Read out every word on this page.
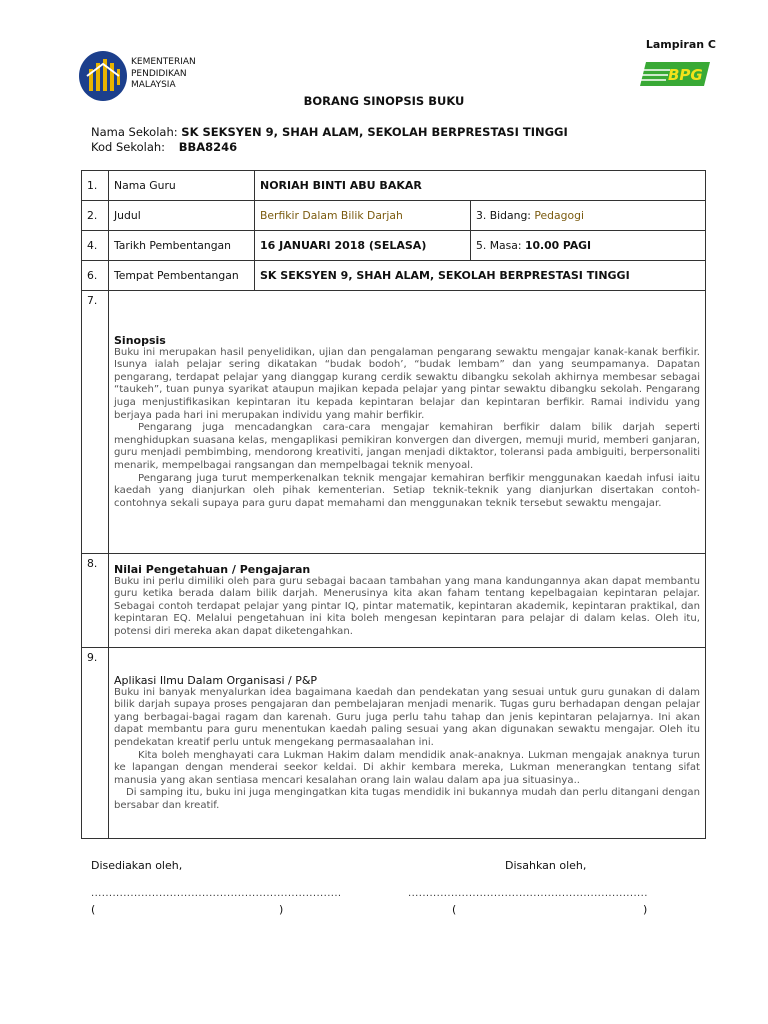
Lampiran C
KEMENTERIAN
PENDIDIKAN
MALAYSIA
BPG
BORANG SINOPSIS BUKU
Nama Sekolah: SK SEKSYEN 9, SHAH ALAM, SEKOLAH BERPRESTASI TINGGI
Kod Sekolah: BBA8246
1.	Nama Guru	NORIAH BINTI ABU BAKAR	
2.	Judul	Berfikir Dalam Bilik Darjah	3. Bidang: Pedagogi
4.	Tarikh Pembentangan	16 JANUARI 2018 (SELASA)	5. Masa: 10.00 PAGI
6.	Tempat Pembentangan	SK SEKSYEN 9, SHAH ALAM, SEKOLAH BERPRESTASI TINGGI	
7.	Sinopsis

Buku ini merupakan hasil penyelidikan, ujian dan pengalaman pengarang sewaktu mengajar kanak-kanak berfikir. Isunya ialah pelajar sering dikatakan “budak bodoh’, “budak lembam” dan yang seumpamanya. Dapatan pengarang, terdapat pelajar yang dianggap kurang cerdik sewaktu dibangku sekolah akhirnya membesar sebagai “taukeh”, tuan punya syarikat ataupun majikan kepada pelajar yang pintar sewaktu dibangku sekolah. Pengarang juga menjustifikasikan kepintaran itu kepada kepintaran belajar dan kepintaran berfikir. Ramai individu yang berjaya pada hari ini merupakan individu yang mahir berfikir.

Pengarang juga mencadangkan cara-cara mengajar kemahiran berfikir dalam bilik darjah seperti menghidupkan suasana kelas, mengaplikasi pemikiran konvergen dan divergen, memuji murid, memberi ganjaran, guru menjadi pembimbing, mendorong kreativiti, jangan menjadi diktaktor, toleransi pada ambiguiti, berpersonaliti menarik, mempelbagai rangsangan dan mempelbagai teknik menyoal.

Pengarang juga turut memperkenalkan teknik mengajar kemahiran berfikir menggunakan kaedah infusi iaitu kaedah yang dianjurkan oleh pihak kementerian. Setiap teknik-teknik yang dianjurkan disertakan contoh-contohnya sekali supaya para guru dapat memahami dan menggunakan teknik tersebut sewaktu mengajar.		

8.	Nilai Pengetahuan / Pengajaran

Buku ini perlu dimiliki oleh para guru sebagai bacaan tambahan yang mana kandungannya akan dapat membantu guru ketika berada dalam bilik darjah. Menerusinya kita akan faham tentang kepelbagaian kepintaran pelajar. Sebagai contoh terdapat pelajar yang pintar IQ, pintar matematik, kepintaran akademik, kepintaran praktikal, dan kepintaran EQ. Melalui pengetahuan ini kita boleh mengesan kepintaran para pelajar di dalam kelas. Oleh itu, potensi diri mereka akan dapat diketengahkan.		

9.	Aplikasi Ilmu Dalam Organisasi / P&P

Buku ini banyak menyalurkan idea bagaimana kaedah dan pendekatan yang sesuai untuk guru gunakan di dalam bilik darjah supaya proses pengajaran dan pembelajaran menjadi menarik. Tugas guru berhadapan dengan pelajar yang berbagai-bagai ragam dan karenah. Guru juga perlu tahu tahap dan jenis kepintaran pelajarnya. Ini akan dapat membantu para guru menentukan kaedah paling sesuai yang akan digunakan sewaktu mengajar. Oleh itu pendekatan kreatif perlu untuk mengekang permasaalahan ini.

Kita boleh menghayati cara Lukman Hakim dalam mendidik anak-anaknya. Lukman mengajak anaknya turun ke lapangan dengan menderai seekor keldai. Di akhir kembara mereka, Lukman menerangkan tentang sifat manusia yang akan sentiasa mencari kesalahan orang lain walau dalam apa jua situasinya..

Di samping itu, buku ini juga mengingatkan kita tugas mendidik ini bukannya mudah dan perlu ditangani dengan bersabar dan kreatif.		

Disediakan oleh,	Disahkan oleh,
......................................................................	...................................................................
(	)	(	)
